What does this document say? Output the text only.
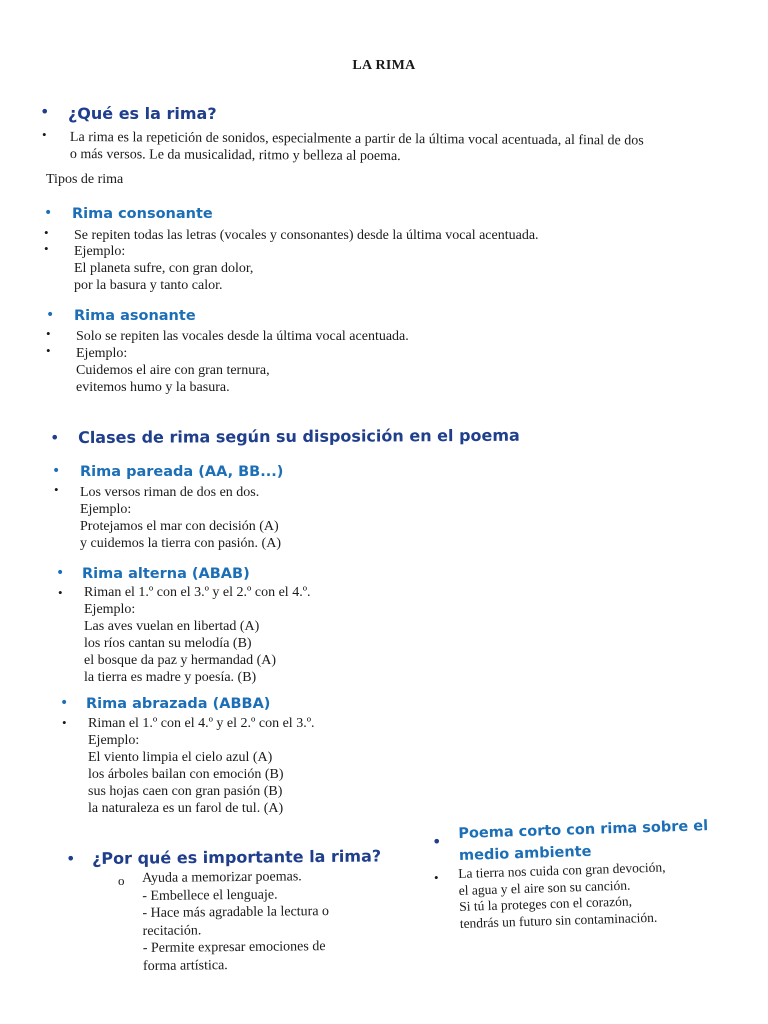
LA RIMA
• ¿Qué es la rima?
• La rima es la repetición de sonidos, especialmente a partir de la última vocal acentuada, al final de dos
o más versos. Le da musicalidad, ritmo y belleza al poema.
Tipos de rima
• Rima consonante
• Se repiten todas las letras (vocales y consonantes) desde la última vocal acentuada.
• Ejemplo:
El planeta sufre, con gran dolor,
por la basura y tanto calor.
• Rima asonante
• Solo se repiten las vocales desde la última vocal acentuada.
• Ejemplo:
Cuidemos el aire con gran ternura,
evitemos humo y la basura.
• Clases de rima según su disposición en el poema
• Rima pareada (AA, BB...)
• Los versos riman de dos en dos.
Ejemplo:
Protejamos el mar con decisión (A)
y cuidemos la tierra con pasión. (A)
• Rima alterna (ABAB)
• Riman el 1.º con el 3.º y el 2.º con el 4.º.
Ejemplo:
Las aves vuelan en libertad (A)
los ríos cantan su melodía (B)
el bosque da paz y hermandad (A)
la tierra es madre y poesía. (B)
• Rima abrazada (ABBA)
• Riman el 1.º con el 4.º y el 2.º con el 3.º.
Ejemplo:
El viento limpia el cielo azul (A)
los árboles bailan con emoción (B)
sus hojas caen con gran pasión (B)
la naturaleza es un farol de tul. (A)
• ¿Por qué es importante la rima?
o Ayuda a memorizar poemas.
- Embellece el lenguaje.
- Hace más agradable la lectura o
recitación.
- Permite expresar emociones de
forma artística.
• Poema corto con rima sobre el
medio ambiente
• La tierra nos cuida con gran devoción,
el agua y el aire son su canción.
Si tú la proteges con el corazón,
tendrás un futuro sin contaminación.
